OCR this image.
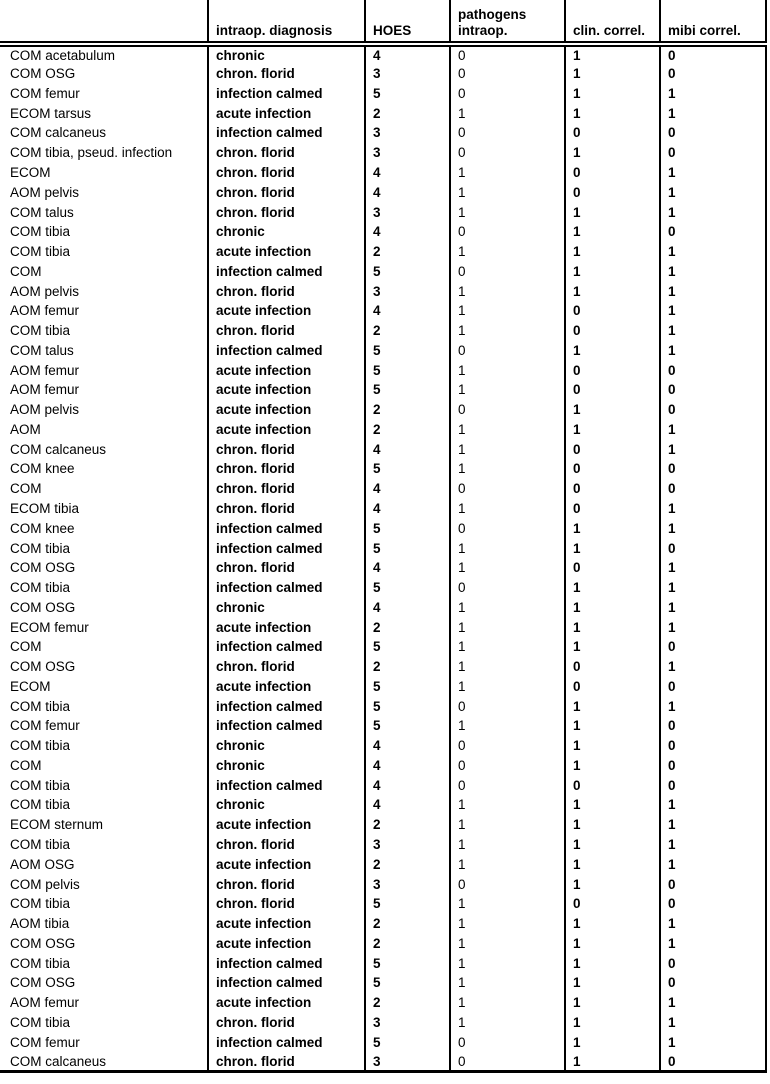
	intraop. diagnosis	HOES	pathogens intraop.	clin. correl.	mibi correl.
COM acetabulum	chronic	4	0	1	0
COM OSG	chron. florid	3	0	1	0
COM femur	infection calmed	5	0	1	1
ECOM tarsus	acute infection	2	1	1	1
COM calcaneus	infection calmed	3	0	0	0
COM tibia, pseud. infection	chron. florid	3	0	1	0
ECOM	chron. florid	4	1	0	1
AOM pelvis	chron. florid	4	1	0	1
COM talus	chron. florid	3	1	1	1
COM tibia	chronic	4	0	1	0
COM tibia	acute infection	2	1	1	1
COM	infection calmed	5	0	1	1
AOM pelvis	chron. florid	3	1	1	1
AOM femur	acute infection	4	1	0	1
COM tibia	chron. florid	2	1	0	1
COM talus	infection calmed	5	0	1	1
AOM femur	acute infection	5	1	0	0
AOM femur	acute infection	5	1	0	0
AOM pelvis	acute infection	2	0	1	0
AOM	acute infection	2	1	1	1
COM calcaneus	chron. florid	4	1	0	1
COM knee	chron. florid	5	1	0	0
COM	chron. florid	4	0	0	0
ECOM tibia	chron. florid	4	1	0	1
COM knee	infection calmed	5	0	1	1
COM tibia	infection calmed	5	1	1	0
COM OSG	chron. florid	4	1	0	1
COM tibia	infection calmed	5	0	1	1
COM OSG	chronic	4	1	1	1
ECOM femur	acute infection	2	1	1	1
COM	infection calmed	5	1	1	0
COM OSG	chron. florid	2	1	0	1
ECOM	acute infection	5	1	0	0
COM tibia	infection calmed	5	0	1	1
COM femur	infection calmed	5	1	1	0
COM tibia	chronic	4	0	1	0
COM	chronic	4	0	1	0
COM tibia	infection calmed	4	0	0	0
COM tibia	chronic	4	1	1	1
ECOM sternum	acute infection	2	1	1	1
COM tibia	chron. florid	3	1	1	1
AOM OSG	acute infection	2	1	1	1
COM pelvis	chron. florid	3	0	1	0
COM tibia	chron. florid	5	1	0	0
AOM tibia	acute infection	2	1	1	1
COM OSG	acute infection	2	1	1	1
COM tibia	infection calmed	5	1	1	0
COM OSG	infection calmed	5	1	1	0
AOM femur	acute infection	2	1	1	1
COM tibia	chron. florid	3	1	1	1
COM femur	infection calmed	5	0	1	1
COM calcaneus	chron. florid	3	0	1	0
